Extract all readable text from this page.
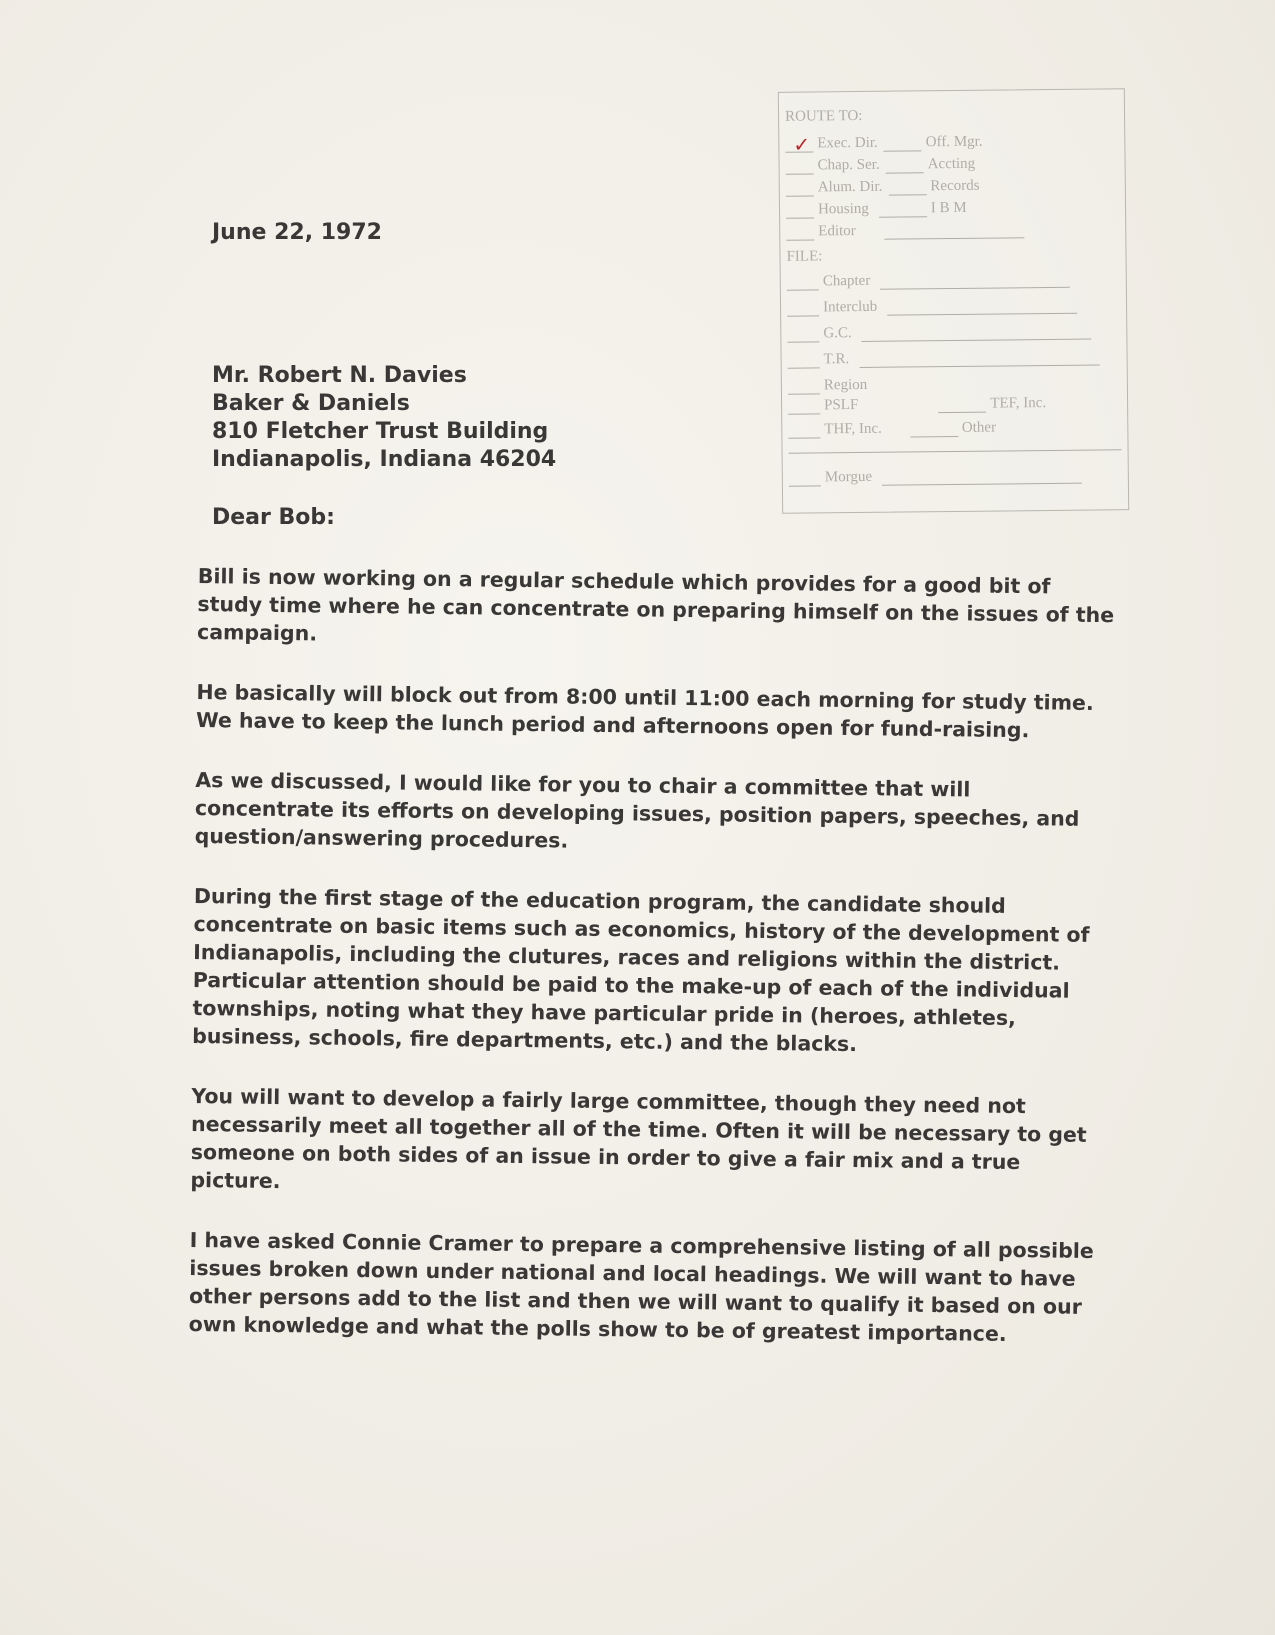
ROUTE TO:
✓ Exec. Dir.	Off. Mgr.
Chap. Ser.	Accting
Alum. Dir.	Records
Housing	I B M
Editor
FILE:
Chapter
Interclub
G.C.
T.R.
Region
PSLF	TEF, Inc.
THF, Inc.	Other
Morgue
June 22, 1972
Mr. Robert N. Davies
Baker & Daniels
810 Fletcher Trust Building
Indianapolis, Indiana 46204
Dear Bob:

Bill is now working on a regular schedule which provides for a good bit of study time where he can concentrate on preparing himself on the issues of the campaign.

He basically will block out from 8:00 until 11:00 each morning for study time. We have to keep the lunch period and afternoons open for fund-raising.

As we discussed, I would like for you to chair a committee that will concentrate its efforts on developing issues, position papers, speeches, and question/answering procedures.

During the first stage of the education program, the candidate should concentrate on basic items such as economics, history of the development of Indianapolis, including the clutures, races and religions within the district. Particular attention should be paid to the make-up of each of the individual townships, noting what they have particular pride in (heroes, athletes, business, schools, fire departments, etc.) and the blacks.

You will want to develop a fairly large committee, though they need not necessarily meet all together all of the time. Often it will be necessary to get someone on both sides of an issue in order to give a fair mix and a true picture.

I have asked Connie Cramer to prepare a comprehensive listing of all possible issues broken down under national and local headings. We will want to have other persons add to the list and then we will want to qualify it based on our own knowledge and what the polls show to be of greatest importance.
